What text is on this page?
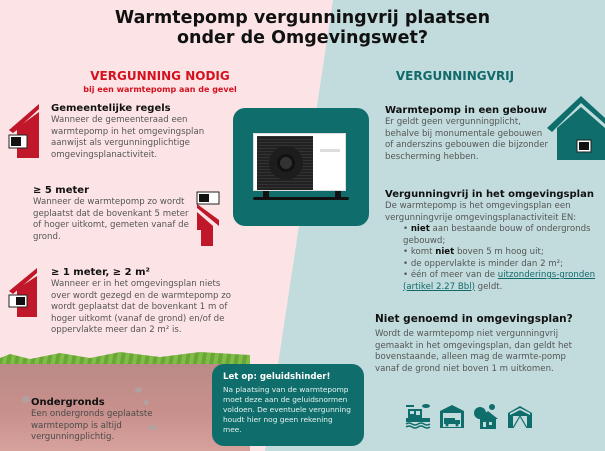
Warmtepomp vergunningvrij plaatsen
onder de Omgevingswet?
VERGUNNING NODIG
bij een warmtepomp aan de gevel
VERGUNNINGVRIJ
Gemeentelijke regels

Wanneer de gemeenteraad een warmtepomp in het omgevingsplan aanwijst als vergunningplichtige omgevingsplanactiviteit.

≥ 5 meter

Wanneer de warmtepomp zo wordt geplaatst dat de bovenkant 5 meter of hoger uitkomt, gemeten vanaf de grond.

≥ 1 meter, ≥ 2 m²

Wanneer er in het omgevingsplan niets over wordt gezegd en de warmtepomp zo wordt geplaatst dat de bovenkant 1 m of hoger uitkomt (vanaf de grond) en/of de oppervlakte meer dan 2 m² is.

Ondergronds

Een ondergronds geplaatste warmtepomp is altijd vergunningplichtig.

Warmtepomp in een gebouw

Er geldt geen vergunningplicht, behalve bij monumentale gebouwen of anderszins gebouwen die bijzonder bescherming hebben.

Vergunningvrij in het omgevingsplan

De warmtepomp is het omgevingsplan een vergunningvrije omgevingsplanactiviteit EN:

• niet aan bestaande bouw of ondergronds gebouwd;
• komt niet boven 5 m hoog uit;
• de oppervlakte is minder dan 2 m²;
• één of meer van de uitzonderings-gronden (artikel 2.27 Bbl) geldt.
Niet genoemd in omgevingsplan?

Wordt de warmtepomp niet vergunningvrij gemaakt in het omgevingsplan, dan geldt het bovenstaande, alleen mag de warmte-pomp vanaf de grond niet boven 1 m uitkomen.

Let op: geluidshinder!

Na plaatsing van de warmtepomp moet deze aan de geluidsnormen voldoen. De eventuele vergunning houdt hier nog geen rekening mee.
